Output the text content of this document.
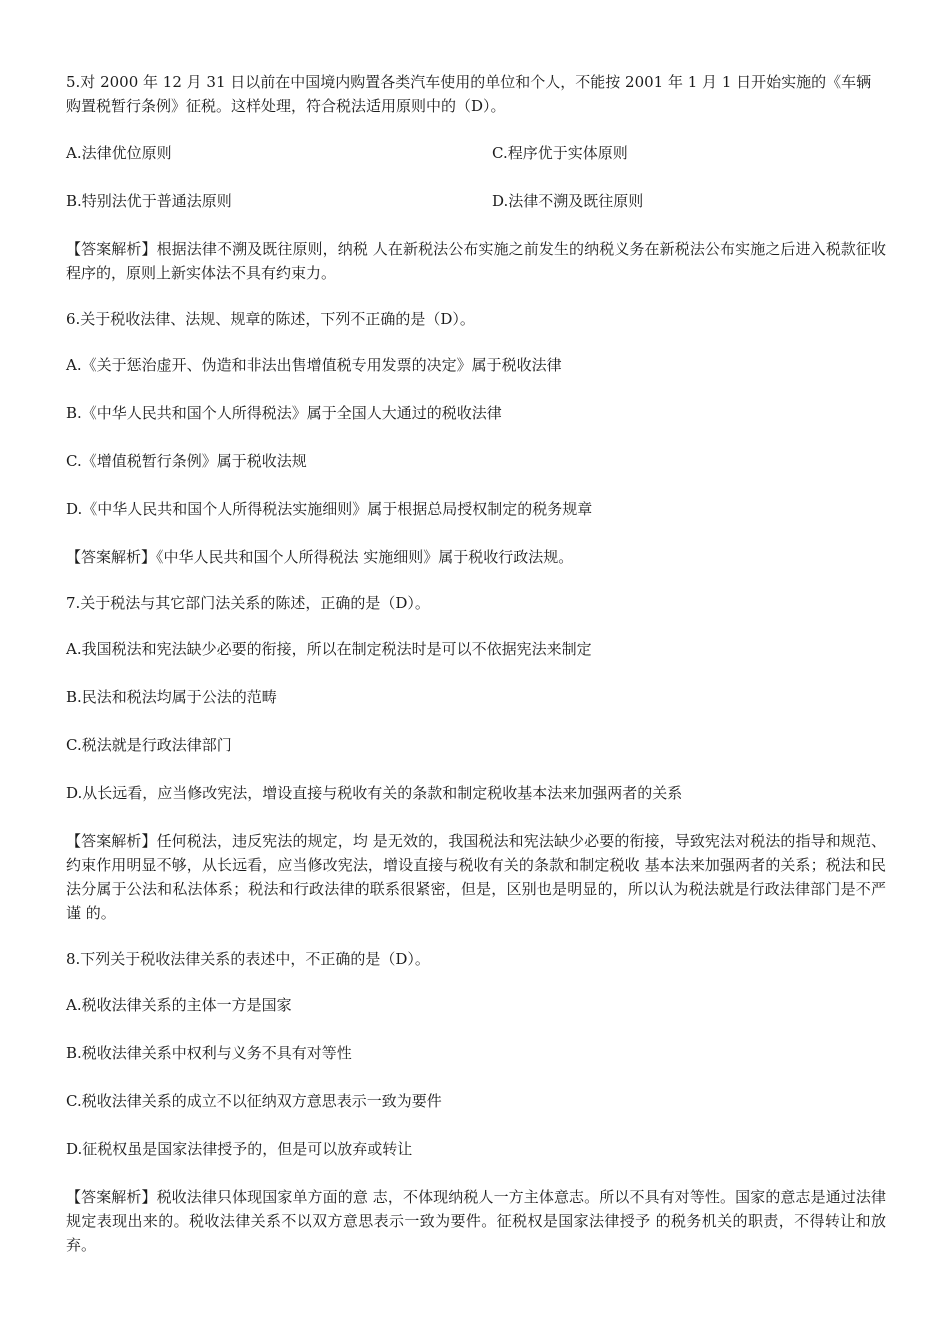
5.对 2000 年 12 月 31 日以前在中国境内购置各类汽车使用的单位和个人，不能按 2001 年 1 月 1 日开始实施的《车辆购置税暂行条例》征税。这样处理，符合税法适用原则中的（D）。

A.法律优位原则	C.程序优于实体原则
B.特别法优于普通法原则	D.法律不溯及既往原则

【答案解析】根据法律不溯及既往原则，纳税 人在新税法公布实施之前发生的纳税义务在新税法公布实施之后进入税款征收程序的，原则上新实体法不具有约束力。

6.关于税收法律、法规、规章的陈述，下列不正确的是（D）。

A.《关于惩治虚开、伪造和非法出售增值税专用发票的决定》属于税收法律

B.《中华人民共和国个人所得税法》属于全国人大通过的税收法律

C.《增值税暂行条例》属于税收法规

D.《中华人民共和国个人所得税法实施细则》属于根据总局授权制定的税务规章

【答案解析】《中华人民共和国个人所得税法 实施细则》属于税收行政法规。

7.关于税法与其它部门法关系的陈述，正确的是（D）。

A.我国税法和宪法缺少必要的衔接，所以在制定税法时是可以不依据宪法来制定

B.民法和税法均属于公法的范畴

C.税法就是行政法律部门

D.从长远看，应当修改宪法，增设直接与税收有关的条款和制定税收基本法来加强两者的关系

【答案解析】任何税法，违反宪法的规定，均 是无效的，我国税法和宪法缺少必要的衔接，导致宪法对税法的指导和规范、约束作用明显不够，从长远看，应当修改宪法，增设直接与税收有关的条款和制定税收 基本法来加强两者的关系；税法和民法分属于公法和私法体系；税法和行政法律的联系很紧密，但是，区别也是明显的，所以认为税法就是行政法律部门是不严谨 的。

8.下列关于税收法律关系的表述中，不正确的是（D）。

A.税收法律关系的主体一方是国家

B.税收法律关系中权利与义务不具有对等性

C.税收法律关系的成立不以征纳双方意思表示一致为要件

D.征税权虽是国家法律授予的，但是可以放弃或转让

【答案解析】税收法律只体现国家单方面的意 志，不体现纳税人一方主体意志。所以不具有对等性。国家的意志是通过法律规定表现出来的。税收法律关系不以双方意思表示一致为要件。征税权是国家法律授予 的税务机关的职责，不得转让和放弃。
